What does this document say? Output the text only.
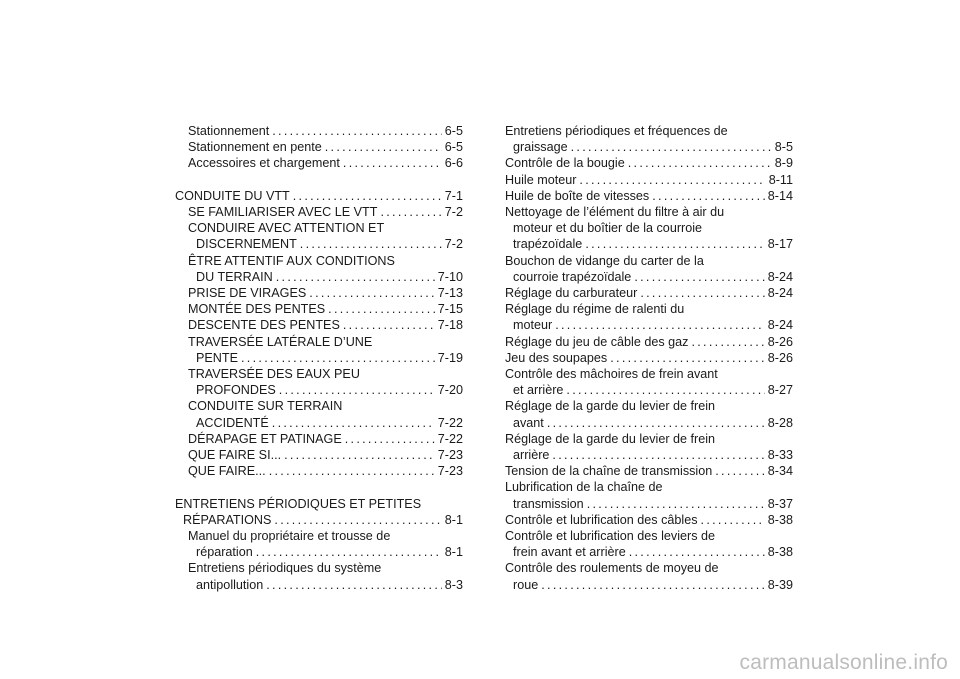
Stationnement . . .	6-5
Stationnement en pente . . .	6-5
Accessoires et chargement . . .	6-6
CONDUITE DU VTT . . .	7-1
SE FAMILIARISER AVEC LE VTT . . .	7-2
CONDUIRE AVEC ATTENTION ET
DISCERNEMENT . . .	7-2
ÊTRE ATTENTIF AUX CONDITIONS
DU TERRAIN . . .	7-10
PRISE DE VIRAGES . . .	7-13
MONTÉE DES PENTES . . .	7-15
DESCENTE DES PENTES . . .	7-18
TRAVERSÉE LATÉRALE D’UNE
PENTE . . .	7-19
TRAVERSÉE DES EAUX PEU
PROFONDES . . .	7-20
CONDUITE SUR TERRAIN
ACCIDENTÉ . . .	7-22
DÉRAPAGE ET PATINAGE . . .	7-22
QUE FAIRE SI... . . .	7-23
QUE FAIRE... . . .	7-23
ENTRETIENS PÉRIODIQUES ET PETITES
RÉPARATIONS . . .	8-1
Manuel du propriétaire et trousse de
réparation . . .	8-1
Entretiens périodiques du système
antipollution . . .	8-3
Entretiens périodiques et fréquences de
graissage . . .	8-5
Contrôle de la bougie . . .	8-9
Huile moteur . . .	8-11
Huile de boîte de vitesses . . .	8-14
Nettoyage de l’élément du filtre à air du
moteur et du boîtier de la courroie
trapézoïdale . . .	8-17
Bouchon de vidange du carter de la
courroie trapézoïdale . . .	8-24
Réglage du carburateur . . .	8-24
Réglage du régime de ralenti du
moteur . . .	8-24
Réglage du jeu de câble des gaz . . .	8-26
Jeu des soupapes . . .	8-26
Contrôle des mâchoires de frein avant
et arrière . . .	8-27
Réglage de la garde du levier de frein
avant . . .	8-28
Réglage de la garde du levier de frein
arrière . . .	8-33
Tension de la chaîne de transmission . . .	8-34
Lubrification de la chaîne de
transmission . . .	8-37
Contrôle et lubrification des câbles . . .	8-38
Contrôle et lubrification des leviers de
frein avant et arrière . . .	8-38
Contrôle des roulements de moyeu de
roue . . .	8-39
carmanualsonline.info
